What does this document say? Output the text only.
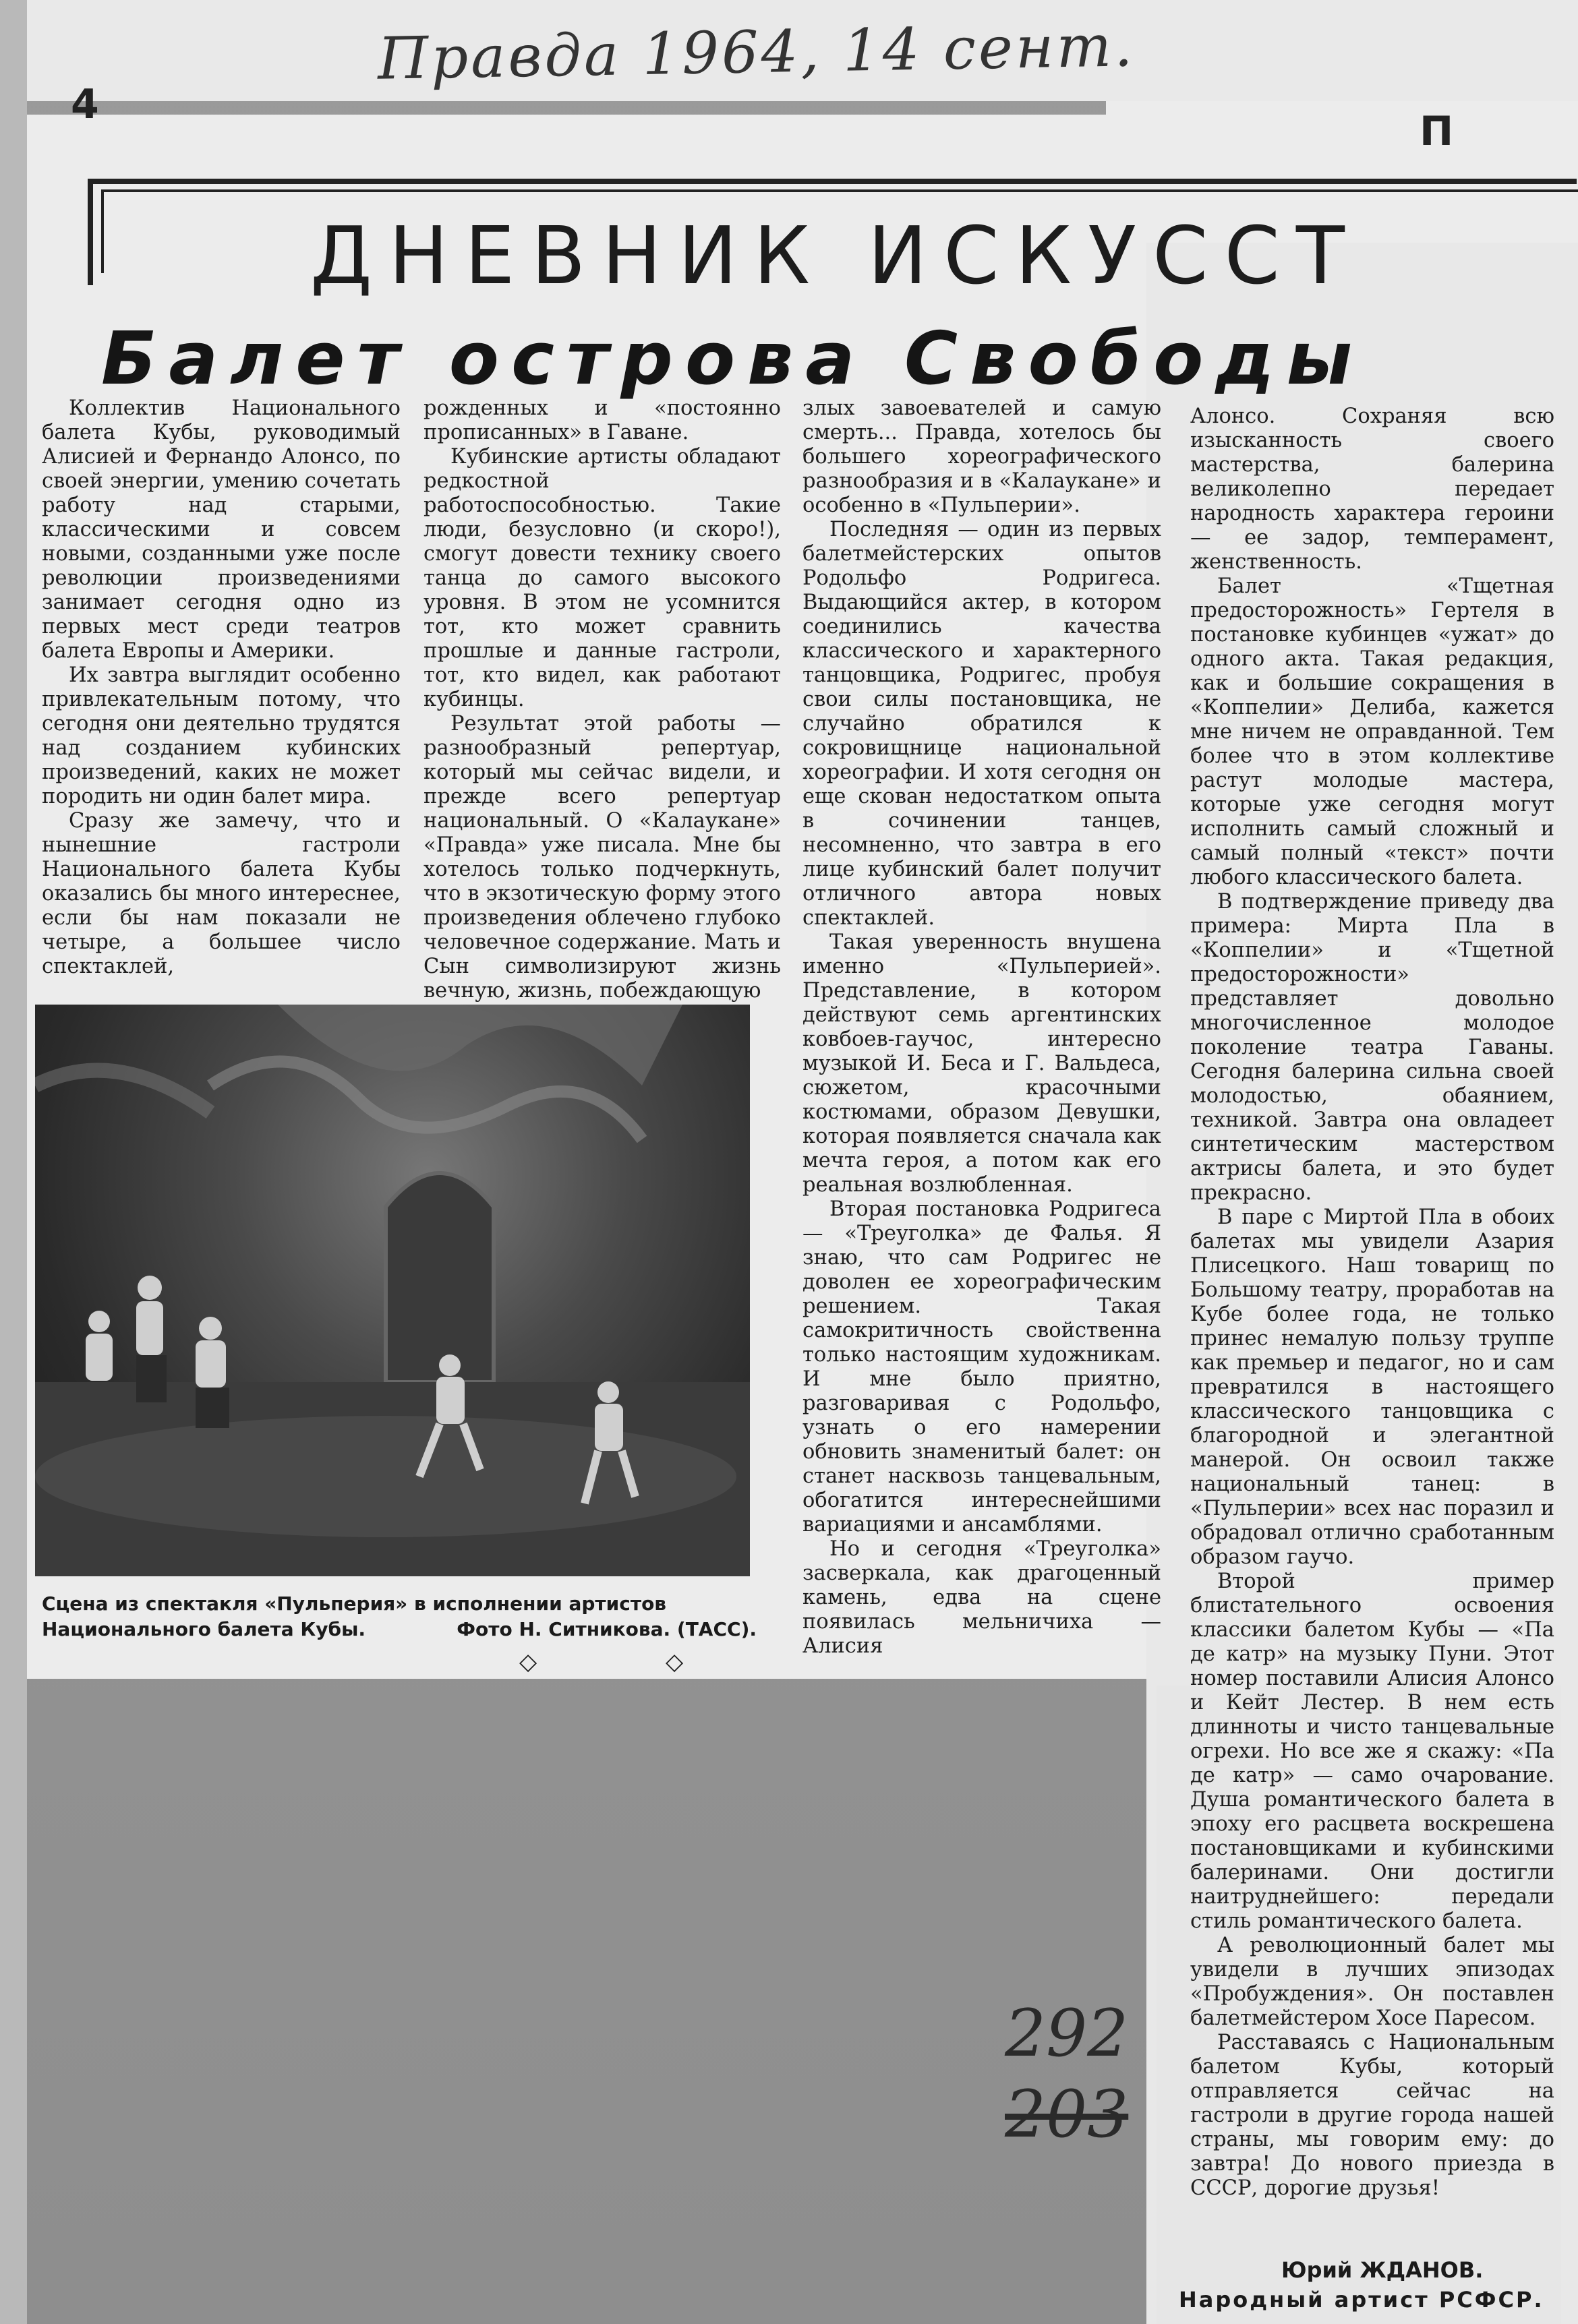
Правда 1964, 14 сент.
4
П
ДНЕВНИК ИСКУССТ
Балет острова Свободы

Коллектив Национального балета Кубы, руководимый Алисией и Фернандо Алонсо, по своей энергии, умению сочетать работу над старыми, классическими и совсем новыми, созданными уже после революции произведениями занимает сегодня одно из первых мест среди театров балета Европы и Америки.

Их завтра выглядит особенно привлекательным потому, что сегодня они деятельно трудятся над созданием кубинских произведений, каких не может породить ни один балет мира.

Сразу же замечу, что и нынешние гастроли Национального балета Кубы оказались бы много интереснее, если бы нам показали не четыре, а большее число спектаклей,

рожденных и «постоянно прописанных» в Гаване.

Кубинские артисты обладают редкостной работоспособностью. Такие люди, безусловно (и скоро!), смогут довести технику своего танца до самого высокого уровня. В этом не усомнится тот, кто может сравнить прошлые и данные гастроли, тот, кто видел, как работают кубинцы.

Результат этой работы — разнообразный репертуар, который мы сейчас видели, и прежде всего репертуар национальный. О «Калаукане» «Правда» уже писала. Мне бы хотелось только подчеркнуть, что в экзотическую форму этого произведения облечено глубоко человечное содержание. Мать и Сын символизируют жизнь вечную, жизнь, побеждающую

злых завоевателей и самую смерть... Правда, хотелось бы большего хореографического разнообразия и в «Калаукане» и особенно в «Пульперии».

Последняя — один из первых балетмейстерских опытов Родольфо Родригеса. Выдающийся актер, в котором соединились качества классического и характерного танцовщика, Родригес, пробуя свои силы постановщика, не случайно обратился к сокровищнице национальной хореографии. И хотя сегодня он еще скован недостатком опыта в сочинении танцев, несомненно, что завтра в его лице кубинский балет получит отличного автора новых спектаклей.

Такая уверенность внушена именно «Пульперией». Представление, в котором действуют семь аргентинских ковбоев-гаучос, интересно музыкой И. Беса и Г. Вальдеса, сюжетом, красочными костюмами, образом Девушки, которая появляется сначала как мечта героя, а потом как его реальная возлюбленная.

Вторая постановка Родригеса — «Треуголка» де Фалья. Я знаю, что сам Родригес не доволен ее хореографическим решением. Такая самокритичность свойственна только настоящим художникам. И мне было приятно, разговаривая с Родольфо, узнать о его намерении обновить знаменитый балет: он станет насквозь танцевальным, обогатится интереснейшими вариациями и ансамблями.

Но и сегодня «Треуголка» засверкала, как драгоценный камень, едва на сцене появилась мельничиха — Алисия

Алонсо. Сохраняя всю изысканность своего мастерства, балерина великолепно передает народность характера героини — ее задор, темперамент, женственность.

Балет «Тщетная предосторожность» Гертеля в постановке кубинцев «ужат» до одного акта. Такая редакция, как и большие сокращения в «Коппелии» Делиба, кажется мне ничем не оправданной. Тем более что в этом коллективе растут молодые мастера, которые уже сегодня могут исполнить самый сложный и самый полный «текст» почти любого классического балета.

В подтверждение приведу два примера: Мирта Пла в «Коппелии» и «Тщетной предосторожности» представляет довольно многочисленное молодое поколение театра Гаваны. Сегодня балерина сильна своей молодостью, обаянием, техникой. Завтра она овладеет синтетическим мастерством актрисы балета, и это будет прекрасно.

В паре с Миртой Пла в обоих балетах мы увидели Азария Плисецкого. Наш товарищ по Большому театру, проработав на Кубе более года, не только принес немалую пользу труппе как премьер и педагог, но и сам превратился в настоящего классического танцовщика с благородной и элегантной манерой. Он освоил также национальный танец: в «Пульперии» всех нас поразил и обрадовал отлично сработанным образом гаучо.

Второй пример блистательного освоения классики балетом Кубы — «Па де катр» на музыку Пуни. Этот номер поставили Алисия Алонсо и Кейт Лестер. В нем есть длинноты и чисто танцевальные огрехи. Но все же я скажу: «Па де катр» — само очарование. Душа романтического балета в эпоху его расцвета воскрешена постановщиками и кубинскими балеринами. Они достигли наитруднейшего: передали стиль романтического балета.

А революционный балет мы увидели в лучших эпизодах «Пробуждения». Он поставлен балетмейстером Хосе Паресом.

Расставаясь с Национальным балетом Кубы, который отправляется сейчас на гастроли в другие города нашей страны, мы говорим ему: до завтра! До нового приезда в СССР, дорогие друзья!

Юрий ЖДАНОВ.
Народный артист РСФСР.
Сцена из спектакля «Пульперия» в исполнении артистов Национального балета Кубы.	Фото Н. Ситникова. (ТАСС).
◇ ◇
292
203
